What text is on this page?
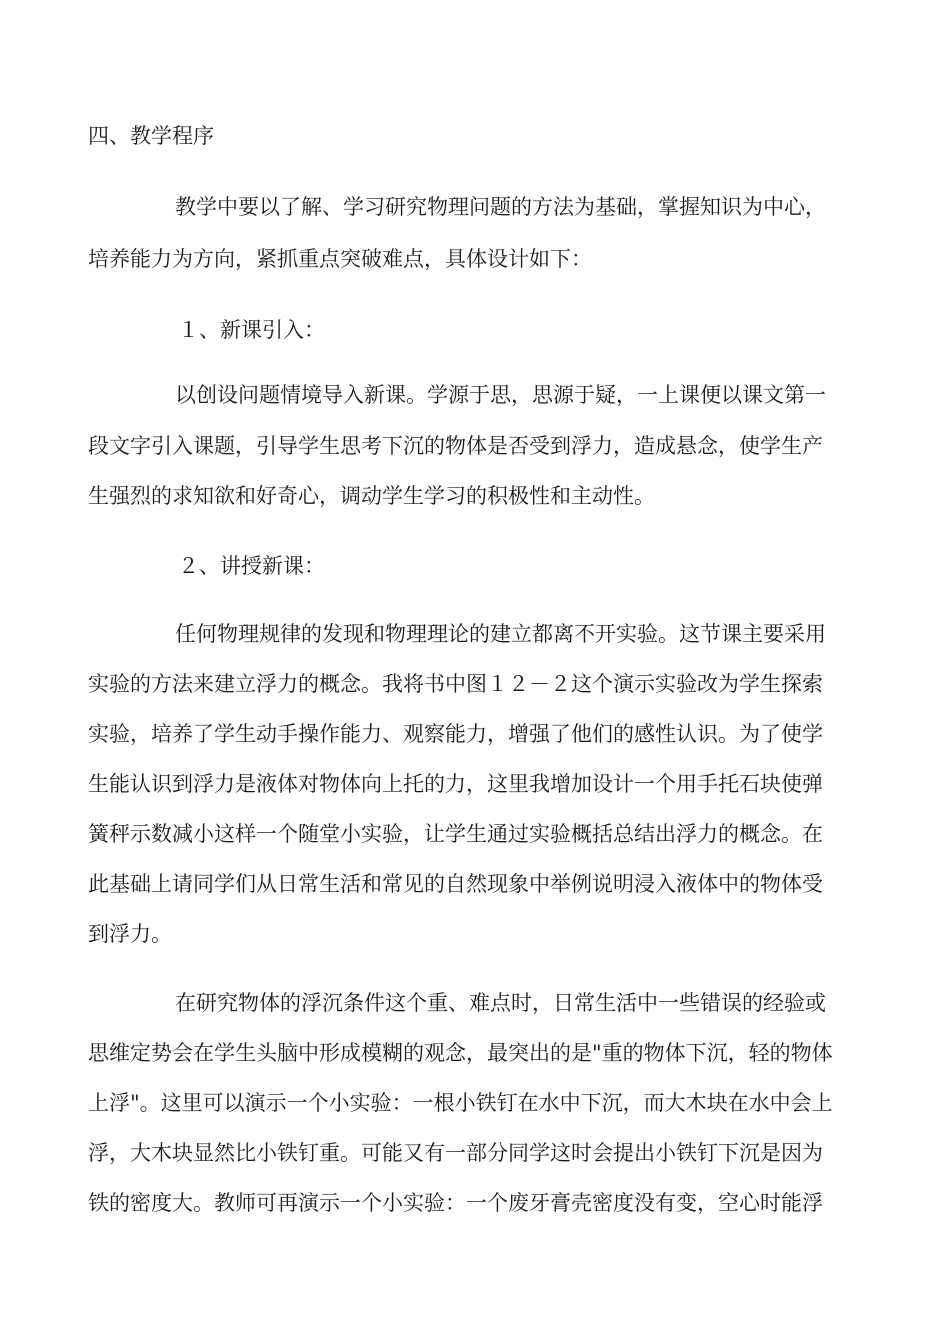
四、教学程序
教学中要以了解、学习研究物理问题的方法为基础，掌握知识为中心，
培养能力为方向，紧抓重点突破难点，具体设计如下：
１、新课引入：
以创设问题情境导入新课。学源于思，思源于疑，一上课便以课文第一
段文字引入课题，引导学生思考下沉的物体是否受到浮力，造成悬念，使学生产
生强烈的求知欲和好奇心，调动学生学习的积极性和主动性。
２、讲授新课：
任何物理规律的发现和物理理论的建立都离不开实验。这节课主要采用
实验的方法来建立浮力的概念。我将书中图１２－２这个演示实验改为学生探索
实验，培养了学生动手操作能力、观察能力，增强了他们的感性认识。为了使学
生能认识到浮力是液体对物体向上托的力，这里我增加设计一个用手托石块使弹
簧秤示数减小这样一个随堂小实验，让学生通过实验概括总结出浮力的概念。在
此基础上请同学们从日常生活和常见的自然现象中举例说明浸入液体中的物体受
到浮力。
在研究物体的浮沉条件这个重、难点时，日常生活中一些错误的经验或
思维定势会在学生头脑中形成模糊的观念，最突出的是"重的物体下沉，轻的物体
上浮"。这里可以演示一个小实验：一根小铁钉在水中下沉，而大木块在水中会上
浮，大木块显然比小铁钉重。可能又有一部分同学这时会提出小铁钉下沉是因为
铁的密度大。教师可再演示一个小实验：一个废牙膏壳密度没有变，空心时能浮
